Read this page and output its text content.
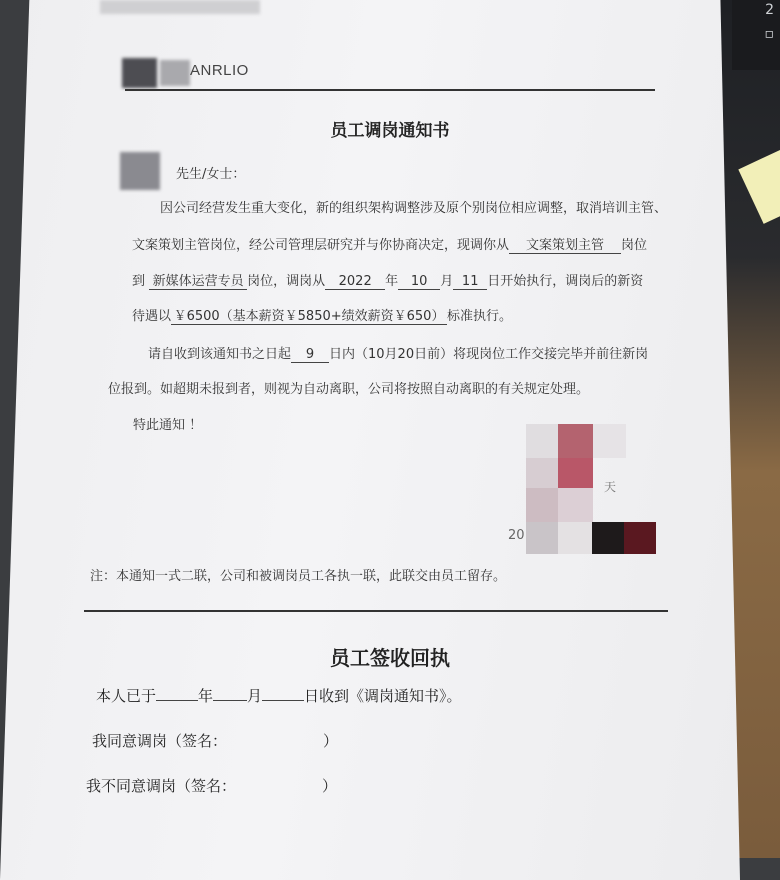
2
▫
ANRLIO
员工调岗通知书
先生/女士：
因公司经营发生重大变化，新的组织架构调整涉及原个别岗位相应调整，取消培训主管、
文案策划主管岗位，经公司管理层研究并与你协商决定，现调你从 文案策划主管 岗位
到 新媒体运营专员 岗位，调岗从 2022 年 10 月 11 日开始执行，调岗后的新资
待遇以 ￥6500（基本薪资￥5850+绩效薪资￥650） 标准执行。
请自收到该通知书之日起 9 日内（10月20日前）将现岗位工作交接完毕并前往新岗
位报到。如超期未报到者，则视为自动离职，公司将按照自动离职的有关规定处理。
特此通知 ！
天
20
注：本通知一式二联，公司和被调岗员工各执一联，此联交由员工留存。
员工签收回执
本人已于	年 月	日收到《调岗通知书》。
我同意调岗（签名：	）
我不同意调岗（签名：	）
